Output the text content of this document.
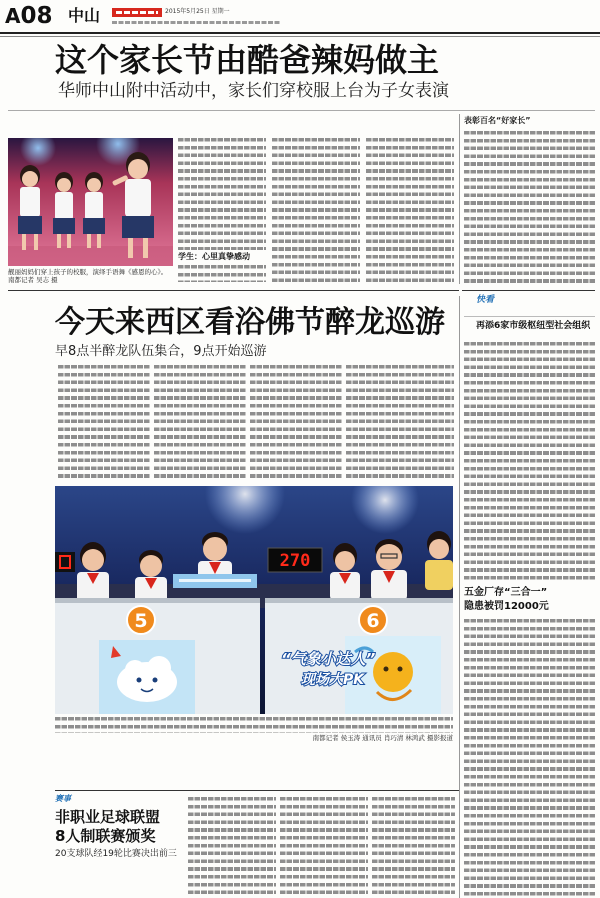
A08 中山	2015年5月25日 星期一
这个家长节由酷爸辣妈做主
华师中山附中活动中，家长们穿校服上台为子女表演
靓丽妈妈们穿上孩子的校服，演绎手语舞《感恩的心》。
南都记者 吴志 摄
学生：心里真挚感动
表彰百名“好家长”
今天来西区看浴佛节醉龙巡游
早8点半醉龙队伍集合，9点开始巡游
270
5	6
“气象小达人”
现场大PK
南都记者 侯玉涛 通讯员 肖巧清 林鸿武 摄影报道
赛事
非职业足球联盟
8人制联赛颁奖
20支球队经19轮比赛决出前三
快看
再添6家市级枢纽型社会组织
五金厂存“三合一”
隐患被罚12000元
